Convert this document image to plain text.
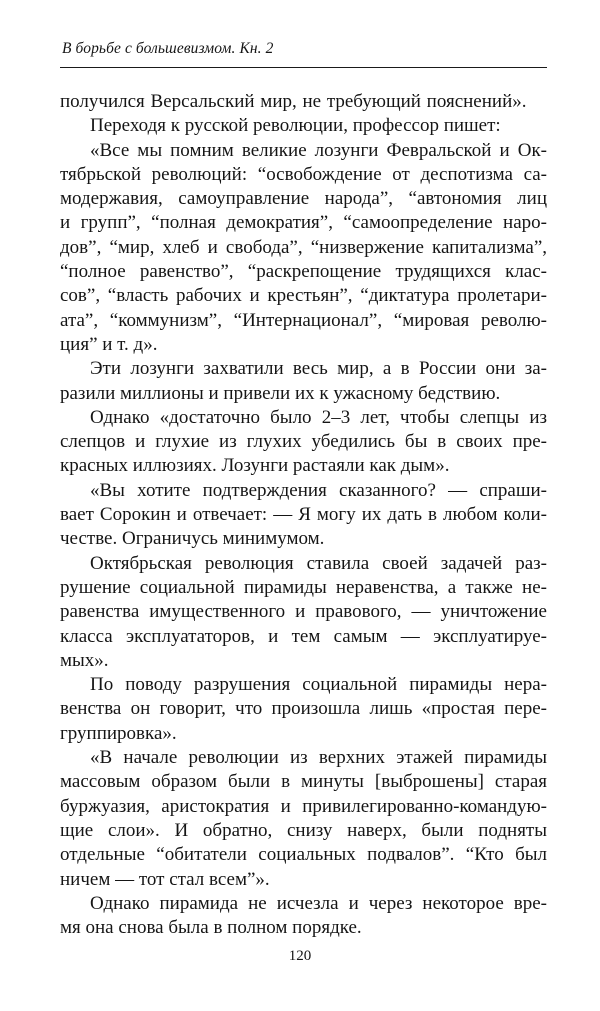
В борьбе с большевизмом. Кн. 2
получился Версальский мир, не требующий пояснений».
Переходя к русской революции, профессор пишет:
«Все мы помним великие лозунги Февральской и Ок-
тябрьской революций: “освобождение от деспотизма са-
модержавия, самоуправление народа”, “автономия лиц
и групп”, “полная демократия”, “самоопределение наро-
дов”, “мир, хлеб и свобода”, “низвержение капитализма”,
“полное равенство”, “раскрепощение трудящихся клас-
сов”, “власть рабочих и крестьян”, “диктатура пролетари-
ата”, “коммунизм”, “Интернационал”, “мировая револю-
ция” и т. д».
Эти лозунги захватили весь мир, а в России они за-
разили миллионы и привели их к ужасному бедствию.
Однако «достаточно было 2–3 лет, чтобы слепцы из
слепцов и глухие из глухих убедились бы в своих пре-
красных иллюзиях. Лозунги растаяли как дым».
«Вы хотите подтверждения сказанного? — спраши-
вает Сорокин и отвечает: — Я могу их дать в любом коли-
честве. Ограничусь минимумом.
Октябрьская революция ставила своей задачей раз-
рушение социальной пирамиды неравенства, а также не-
равенства имущественного и правового, — уничтожение
класса эксплуататоров, и тем самым — эксплуатируе-
мых».
По поводу разрушения социальной пирамиды нера-
венства он говорит, что произошла лишь «простая пере-
группировка».
«В начале революции из верхних этажей пирамиды
массовым образом были в минуты [выброшены] старая
буржуазия, аристократия и привилегированно-командую-
щие слои». И обратно, снизу наверх, были подняты
отдельные “обитатели социальных подвалов”. “Кто был
ничем — тот стал всем”».
Однако пирамида не исчезла и через некоторое вре-
мя она снова была в полном порядке.
120
